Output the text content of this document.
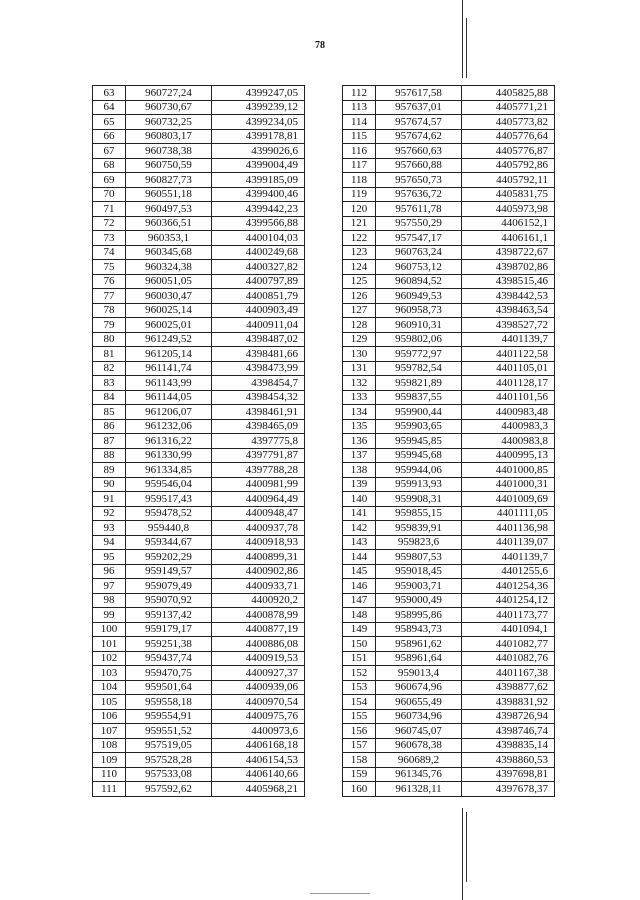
78
63	960727,24	4399247,05
64	960730,67	4399239,12
65	960732,25	4399234,05
66	960803,17	4399178,81
67	960738,38	4399026,6
68	960750,59	4399004,49
69	960827,73	4399185,09
70	960551,18	4399400,46
71	960497,53	4399442,23
72	960366,51	4399566,88
73	960353,1	4400104,03
74	960345,68	4400249,68
75	960324,38	4400327,82
76	960051,05	4400797,89
77	960030,47	4400851,79
78	960025,14	4400903,49
79	960025,01	4400911,04
80	961249,52	4398487,02
81	961205,14	4398481,66
82	961141,74	4398473,99
83	961143,99	4398454,7
84	961144,05	4398454,32
85	961206,07	4398461,91
86	961232,06	4398465,09
87	961316,22	4397775,8
88	961330,99	4397791,87
89	961334,85	4397788,28
90	959546,04	4400981,99
91	959517,43	4400964,49
92	959478,52	4400948,47
93	959440,8	4400937,78
94	959344,67	4400918,93
95	959202,29	4400899,31
96	959149,57	4400902,86
97	959079,49	4400933,71
98	959070,92	4400920,2
99	959137,42	4400878,99
100	959179,17	4400877,19
101	959251,38	4400886,08
102	959437,74	4400919,53
103	959470,75	4400927,37
104	959501,64	4400939,06
105	959558,18	4400970,54
106	959554,91	4400975,76
107	959551,52	4400973,6
108	957519,05	4406168,18
109	957528,28	4406154,53
110	957533,08	4406140,66
111	957592,62	4405968,21
112	957617,58	4405825,88
113	957637,01	4405771,21
114	957674,57	4405773,82
115	957674,62	4405776,64
116	957660,63	4405776,87
117	957660,88	4405792,86
118	957650,73	4405792,11
119	957636,72	4405831,75
120	957611,78	4405973,98
121	957550,29	4406152,1
122	957547,17	4406161,1
123	960763,24	4398722,67
124	960753,12	4398702,86
125	960894,52	4398515,46
126	960949,53	4398442,53
127	960958,73	4398463,54
128	960910,31	4398527,72
129	959802,06	4401139,7
130	959772,97	4401122,58
131	959782,54	4401105,01
132	959821,89	4401128,17
133	959837,55	4401101,56
134	959900,44	4400983,48
135	959903,65	4400983,3
136	959945,85	4400983,8
137	959945,68	4400995,13
138	959944,06	4401000,85
139	959913,93	4401000,31
140	959908,31	4401009,69
141	959855,15	4401111,05
142	959839,91	4401136,98
143	959823,6	4401139,07
144	959807,53	4401139,7
145	959018,45	4401255,6
146	959003,71	4401254,36
147	959000,49	4401254,12
148	958995,86	4401173,77
149	958943,73	4401094,1
150	958961,62	4401082,77
151	958961,64	4401082,76
152	959013,4	4401167,38
153	960674,96	4398877,62
154	960655,49	4398831,92
155	960734,96	4398726,94
156	960745,07	4398746,74
157	960678,38	4398835,14
158	960689,2	4398860,53
159	961345,76	4397698,81
160	961328,11	4397678,37
